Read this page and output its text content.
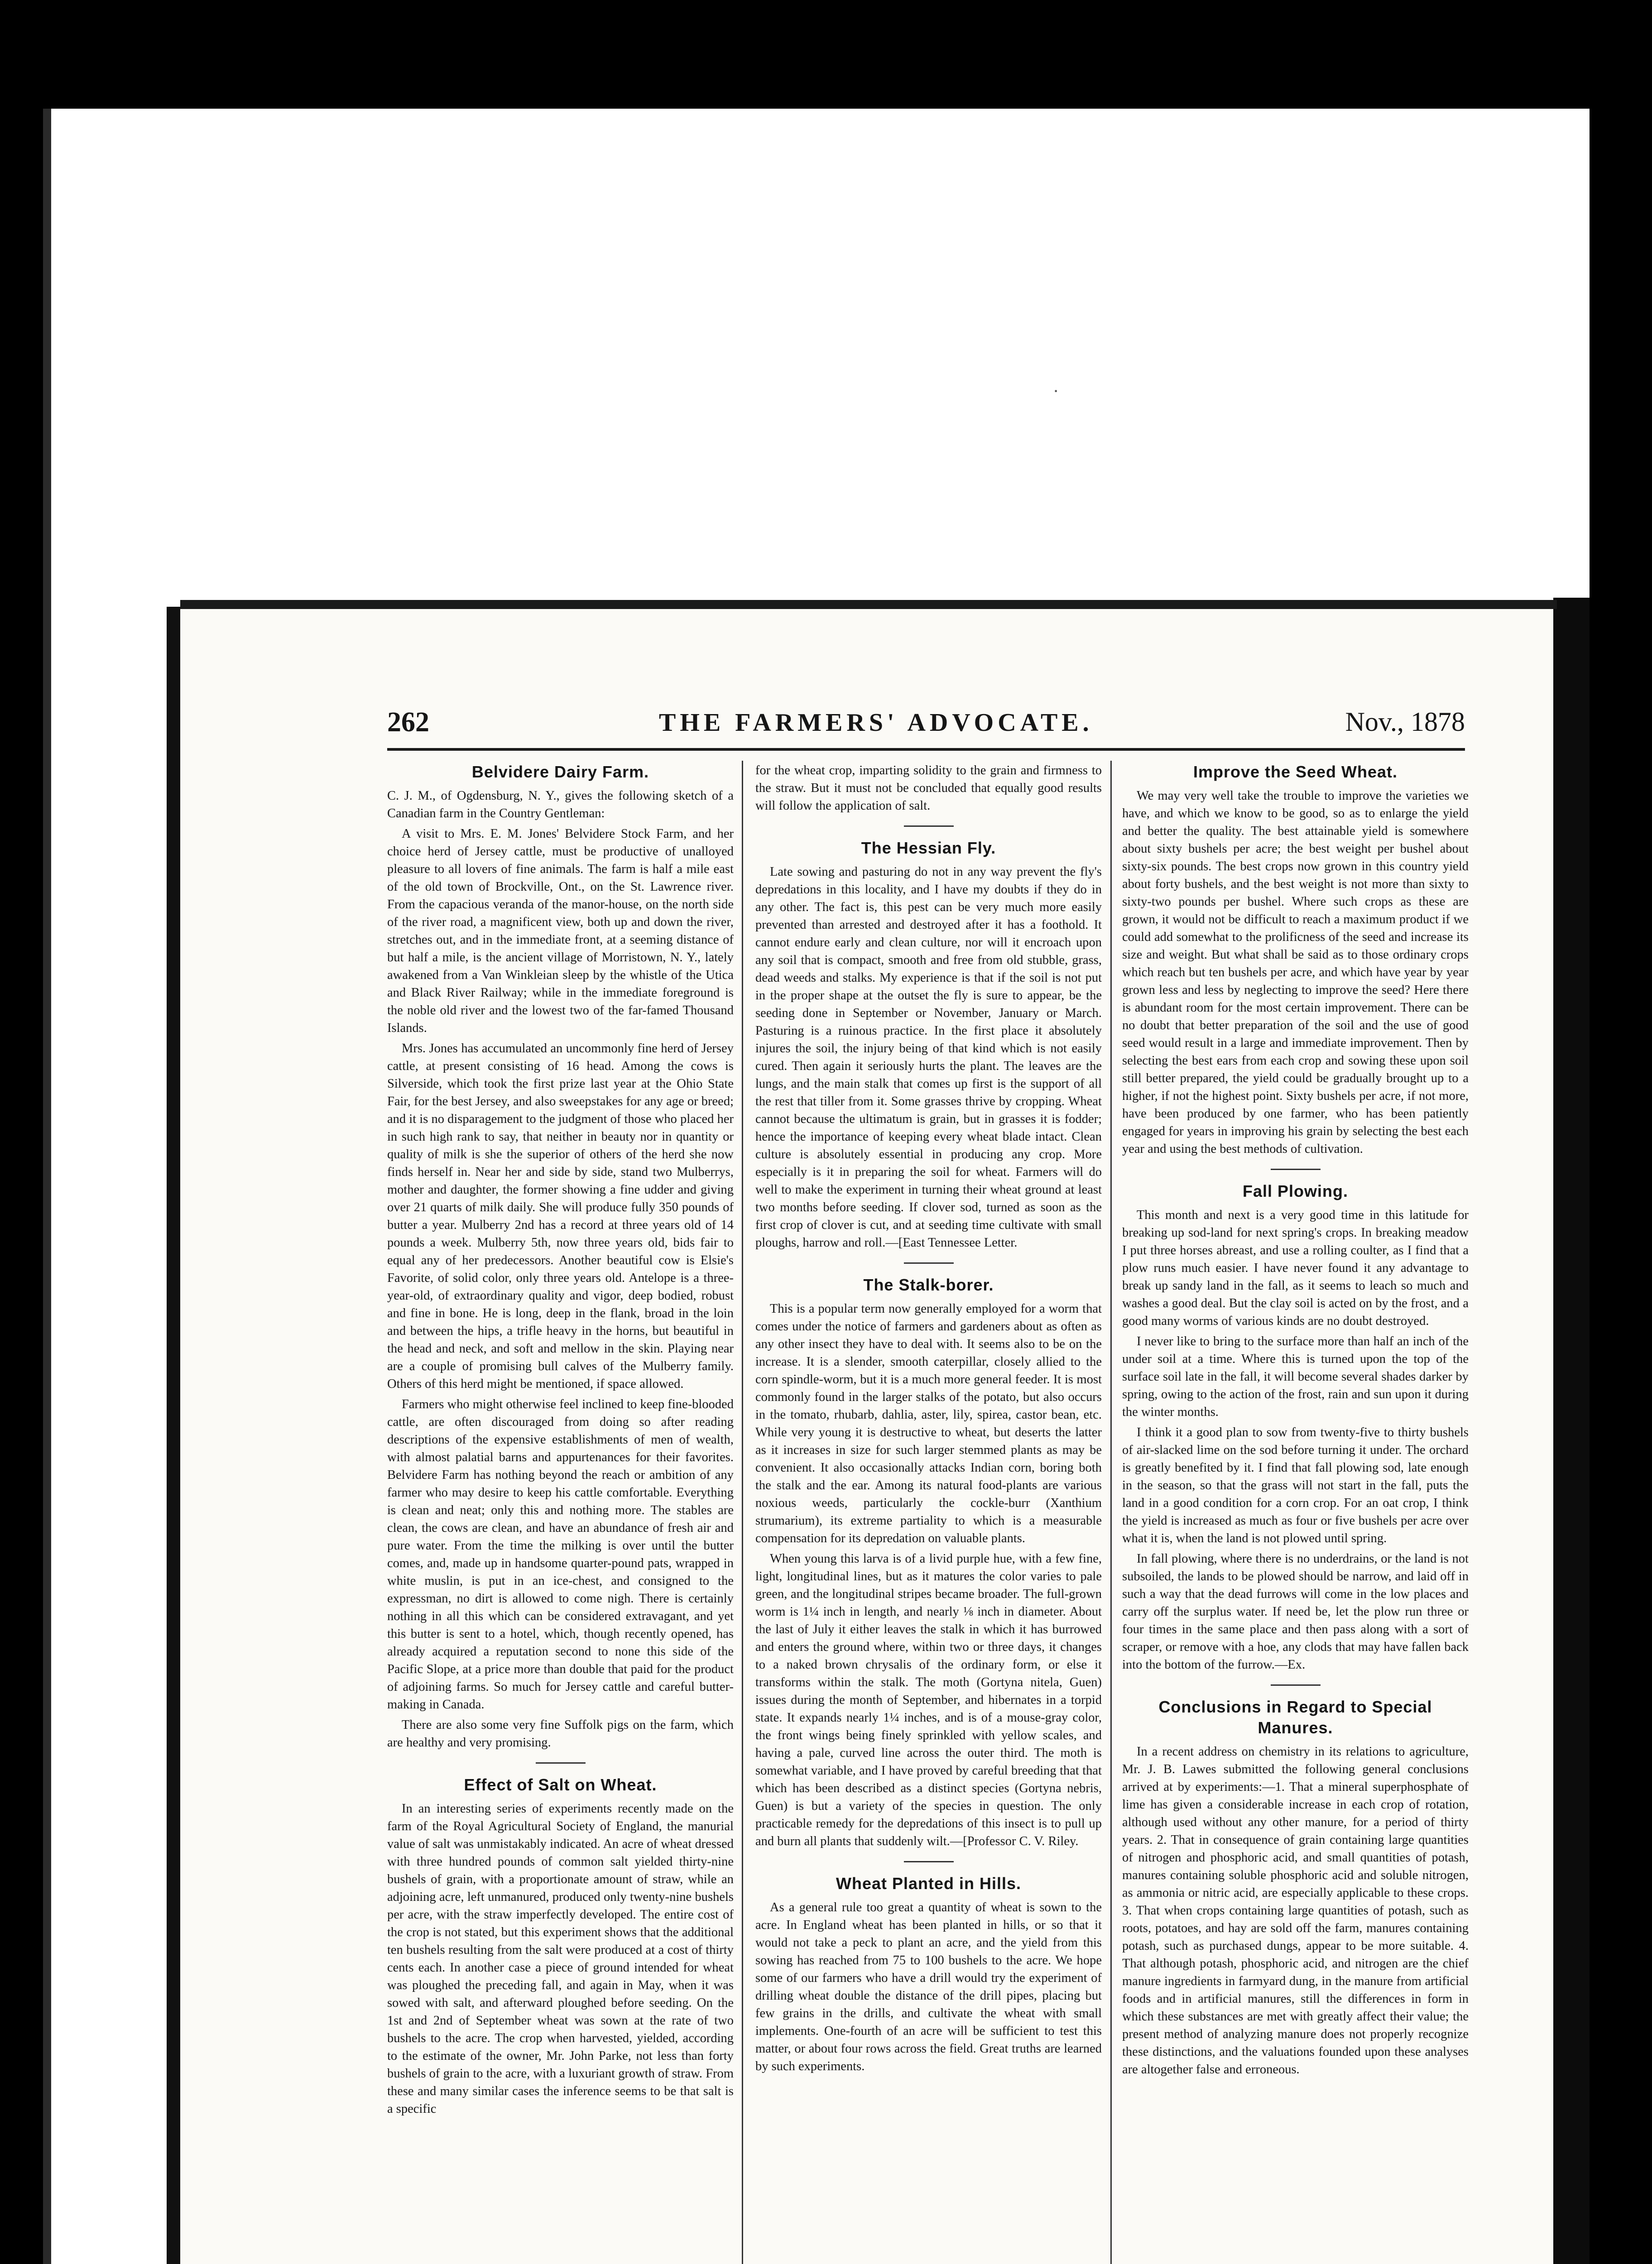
·
262	THE FARMERS' ADVOCATE.	Nov., 1878
Belvidere Dairy Farm.

C. J. M., of Ogdensburg, N. Y., gives the following sketch of a Canadian farm in the Country Gentleman:

A visit to Mrs. E. M. Jones' Belvidere Stock Farm, and her choice herd of Jersey cattle, must be productive of unalloyed pleasure to all lovers of fine animals. The farm is half a mile east of the old town of Brockville, Ont., on the St. Lawrence river. From the capacious veranda of the manor-house, on the north side of the river road, a magnificent view, both up and down the river, stretches out, and in the immediate front, at a seeming distance of but half a mile, is the ancient village of Morristown, N. Y., lately awakened from a Van Winkleian sleep by the whistle of the Utica and Black River Railway; while in the immediate foreground is the noble old river and the lowest two of the far-famed Thousand Islands.

Mrs. Jones has accumulated an uncommonly fine herd of Jersey cattle, at present consisting of 16 head. Among the cows is Silverside, which took the first prize last year at the Ohio State Fair, for the best Jersey, and also sweepstakes for any age or breed; and it is no disparagement to the judgment of those who placed her in such high rank to say, that neither in beauty nor in quantity or quality of milk is she the superior of others of the herd she now finds herself in. Near her and side by side, stand two Mulberrys, mother and daughter, the former showing a fine udder and giving over 21 quarts of milk daily. She will produce fully 350 pounds of butter a year. Mulberry 2nd has a record at three years old of 14 pounds a week. Mulberry 5th, now three years old, bids fair to equal any of her predecessors. Another beautiful cow is Elsie's Favorite, of solid color, only three years old. Antelope is a three-year-old, of extraordinary quality and vigor, deep bodied, robust and fine in bone. He is long, deep in the flank, broad in the loin and between the hips, a trifle heavy in the horns, but beautiful in the head and neck, and soft and mellow in the skin. Playing near are a couple of promising bull calves of the Mulberry family. Others of this herd might be mentioned, if space allowed.

Farmers who might otherwise feel inclined to keep fine-blooded cattle, are often discouraged from doing so after reading descriptions of the expensive establishments of men of wealth, with almost palatial barns and appurtenances for their favorites. Belvidere Farm has nothing beyond the reach or ambition of any farmer who may desire to keep his cattle comfortable. Everything is clean and neat; only this and nothing more. The stables are clean, the cows are clean, and have an abundance of fresh air and pure water. From the time the milking is over until the butter comes, and, made up in handsome quarter-pound pats, wrapped in white muslin, is put in an ice-chest, and consigned to the expressman, no dirt is allowed to come nigh. There is certainly nothing in all this which can be considered extravagant, and yet this butter is sent to a hotel, which, though recently opened, has already acquired a reputation second to none this side of the Pacific Slope, at a price more than double that paid for the product of adjoining farms. So much for Jersey cattle and careful butter-making in Canada.

There are also some very fine Suffolk pigs on the farm, which are healthy and very promising.

Effect of Salt on Wheat.

In an interesting series of experiments recently made on the farm of the Royal Agricultural Society of England, the manurial value of salt was unmistakably indicated. An acre of wheat dressed with three hundred pounds of common salt yielded thirty-nine bushels of grain, with a proportionate amount of straw, while an adjoining acre, left unmanured, produced only twenty-nine bushels per acre, with the straw imperfectly developed. The entire cost of the crop is not stated, but this experiment shows that the additional ten bushels resulting from the salt were produced at a cost of thirty cents each. In another case a piece of ground intended for wheat was ploughed the preceding fall, and again in May, when it was sowed with salt, and afterward ploughed before seeding. On the 1st and 2nd of September wheat was sown at the rate of two bushels to the acre. The crop when harvested, yielded, according to the estimate of the owner, Mr. John Parke, not less than forty bushels of grain to the acre, with a luxuriant growth of straw. From these and many similar cases the inference seems to be that salt is a specific

for the wheat crop, imparting solidity to the grain and firmness to the straw. But it must not be concluded that equally good results will follow the application of salt.

The Hessian Fly.

Late sowing and pasturing do not in any way prevent the fly's depredations in this locality, and I have my doubts if they do in any other. The fact is, this pest can be very much more easily prevented than arrested and destroyed after it has a foothold. It cannot endure early and clean culture, nor will it encroach upon any soil that is compact, smooth and free from old stubble, grass, dead weeds and stalks. My experience is that if the soil is not put in the proper shape at the outset the fly is sure to appear, be the seeding done in September or November, January or March. Pasturing is a ruinous practice. In the first place it absolutely injures the soil, the injury being of that kind which is not easily cured. Then again it seriously hurts the plant. The leaves are the lungs, and the main stalk that comes up first is the support of all the rest that tiller from it. Some grasses thrive by cropping. Wheat cannot because the ultimatum is grain, but in grasses it is fodder; hence the importance of keeping every wheat blade intact. Clean culture is absolutely essential in producing any crop. More especially is it in preparing the soil for wheat. Farmers will do well to make the experiment in turning their wheat ground at least two months before seeding. If clover sod, turned as soon as the first crop of clover is cut, and at seeding time cultivate with small ploughs, harrow and roll.—[East Tennessee Letter.

The Stalk-borer.

This is a popular term now generally employed for a worm that comes under the notice of farmers and gardeners about as often as any other insect they have to deal with. It seems also to be on the increase. It is a slender, smooth caterpillar, closely allied to the corn spindle-worm, but it is a much more general feeder. It is most commonly found in the larger stalks of the potato, but also occurs in the tomato, rhubarb, dahlia, aster, lily, spirea, castor bean, etc. While very young it is destructive to wheat, but deserts the latter as it increases in size for such larger stemmed plants as may be convenient. It also occasionally attacks Indian corn, boring both the stalk and the ear. Among its natural food-plants are various noxious weeds, particularly the cockle-burr (Xanthium strumarium), its extreme partiality to which is a measurable compensation for its depredation on valuable plants.

When young this larva is of a livid purple hue, with a few fine, light, longitudinal lines, but as it matures the color varies to pale green, and the longitudinal stripes became broader. The full-grown worm is 1¼ inch in length, and nearly ⅛ inch in diameter. About the last of July it either leaves the stalk in which it has burrowed and enters the ground where, within two or three days, it changes to a naked brown chrysalis of the ordinary form, or else it transforms within the stalk. The moth (Gortyna nitela, Guen) issues during the month of September, and hibernates in a torpid state. It expands nearly 1¼ inches, and is of a mouse-gray color, the front wings being finely sprinkled with yellow scales, and having a pale, curved line across the outer third. The moth is somewhat variable, and I have proved by careful breeding that that which has been described as a distinct species (Gortyna nebris, Guen) is but a variety of the species in question. The only practicable remedy for the depredations of this insect is to pull up and burn all plants that suddenly wilt.—[Professor C. V. Riley.

Wheat Planted in Hills.

As a general rule too great a quantity of wheat is sown to the acre. In England wheat has been planted in hills, or so that it would not take a peck to plant an acre, and the yield from this sowing has reached from 75 to 100 bushels to the acre. We hope some of our farmers who have a drill would try the experiment of drilling wheat double the distance of the drill pipes, placing but few grains in the drills, and cultivate the wheat with small implements. One-fourth of an acre will be sufficient to test this matter, or about four rows across the field. Great truths are learned by such experiments.

Improve the Seed Wheat.

We may very well take the trouble to improve the varieties we have, and which we know to be good, so as to enlarge the yield and better the quality. The best attainable yield is somewhere about sixty bushels per acre; the best weight per bushel about sixty-six pounds. The best crops now grown in this country yield about forty bushels, and the best weight is not more than sixty to sixty-two pounds per bushel. Where such crops as these are grown, it would not be difficult to reach a maximum product if we could add somewhat to the prolificness of the seed and increase its size and weight. But what shall be said as to those ordinary crops which reach but ten bushels per acre, and which have year by year grown less and less by neglecting to improve the seed? Here there is abundant room for the most certain improvement. There can be no doubt that better preparation of the soil and the use of good seed would result in a large and immediate improvement. Then by selecting the best ears from each crop and sowing these upon soil still better prepared, the yield could be gradually brought up to a higher, if not the highest point. Sixty bushels per acre, if not more, have been produced by one farmer, who has been patiently engaged for years in improving his grain by selecting the best each year and using the best methods of cultivation.

Fall Plowing.

This month and next is a very good time in this latitude for breaking up sod-land for next spring's crops. In breaking meadow I put three horses abreast, and use a rolling coulter, as I find that a plow runs much easier. I have never found it any advantage to break up sandy land in the fall, as it seems to leach so much and washes a good deal. But the clay soil is acted on by the frost, and a good many worms of various kinds are no doubt destroyed.

I never like to bring to the surface more than half an inch of the under soil at a time. Where this is turned upon the top of the surface soil late in the fall, it will become several shades darker by spring, owing to the action of the frost, rain and sun upon it during the winter months.

I think it a good plan to sow from twenty-five to thirty bushels of air-slacked lime on the sod before turning it under. The orchard is greatly benefited by it. I find that fall plowing sod, late enough in the season, so that the grass will not start in the fall, puts the land in a good condition for a corn crop. For an oat crop, I think the yield is increased as much as four or five bushels per acre over what it is, when the land is not plowed until spring.

In fall plowing, where there is no underdrains, or the land is not subsoiled, the lands to be plowed should be narrow, and laid off in such a way that the dead furrows will come in the low places and carry off the surplus water. If need be, let the plow run three or four times in the same place and then pass along with a sort of scraper, or remove with a hoe, any clods that may have fallen back into the bottom of the furrow.—Ex.

Conclusions in Regard to Special Manures.

In a recent address on chemistry in its relations to agriculture, Mr. J. B. Lawes submitted the following general conclusions arrived at by experiments:—1. That a mineral superphosphate of lime has given a considerable increase in each crop of rotation, although used without any other manure, for a period of thirty years. 2. That in consequence of grain containing large quantities of nitrogen and phosphoric acid, and small quantities of potash, manures containing soluble phosphoric acid and soluble nitrogen, as ammonia or nitric acid, are especially applicable to these crops. 3. That when crops containing large quantities of potash, such as roots, potatoes, and hay are sold off the farm, manures containing potash, such as purchased dungs, appear to be more suitable. 4. That although potash, phosphoric acid, and nitrogen are the chief manure ingredients in farmyard dung, in the manure from artificial foods and in artificial manures, still the differences in form in which these substances are met with greatly affect their value; the present method of analyzing manure does not properly recognize these distinctions, and the valuations founded upon these analyses are altogether false and erroneous.
